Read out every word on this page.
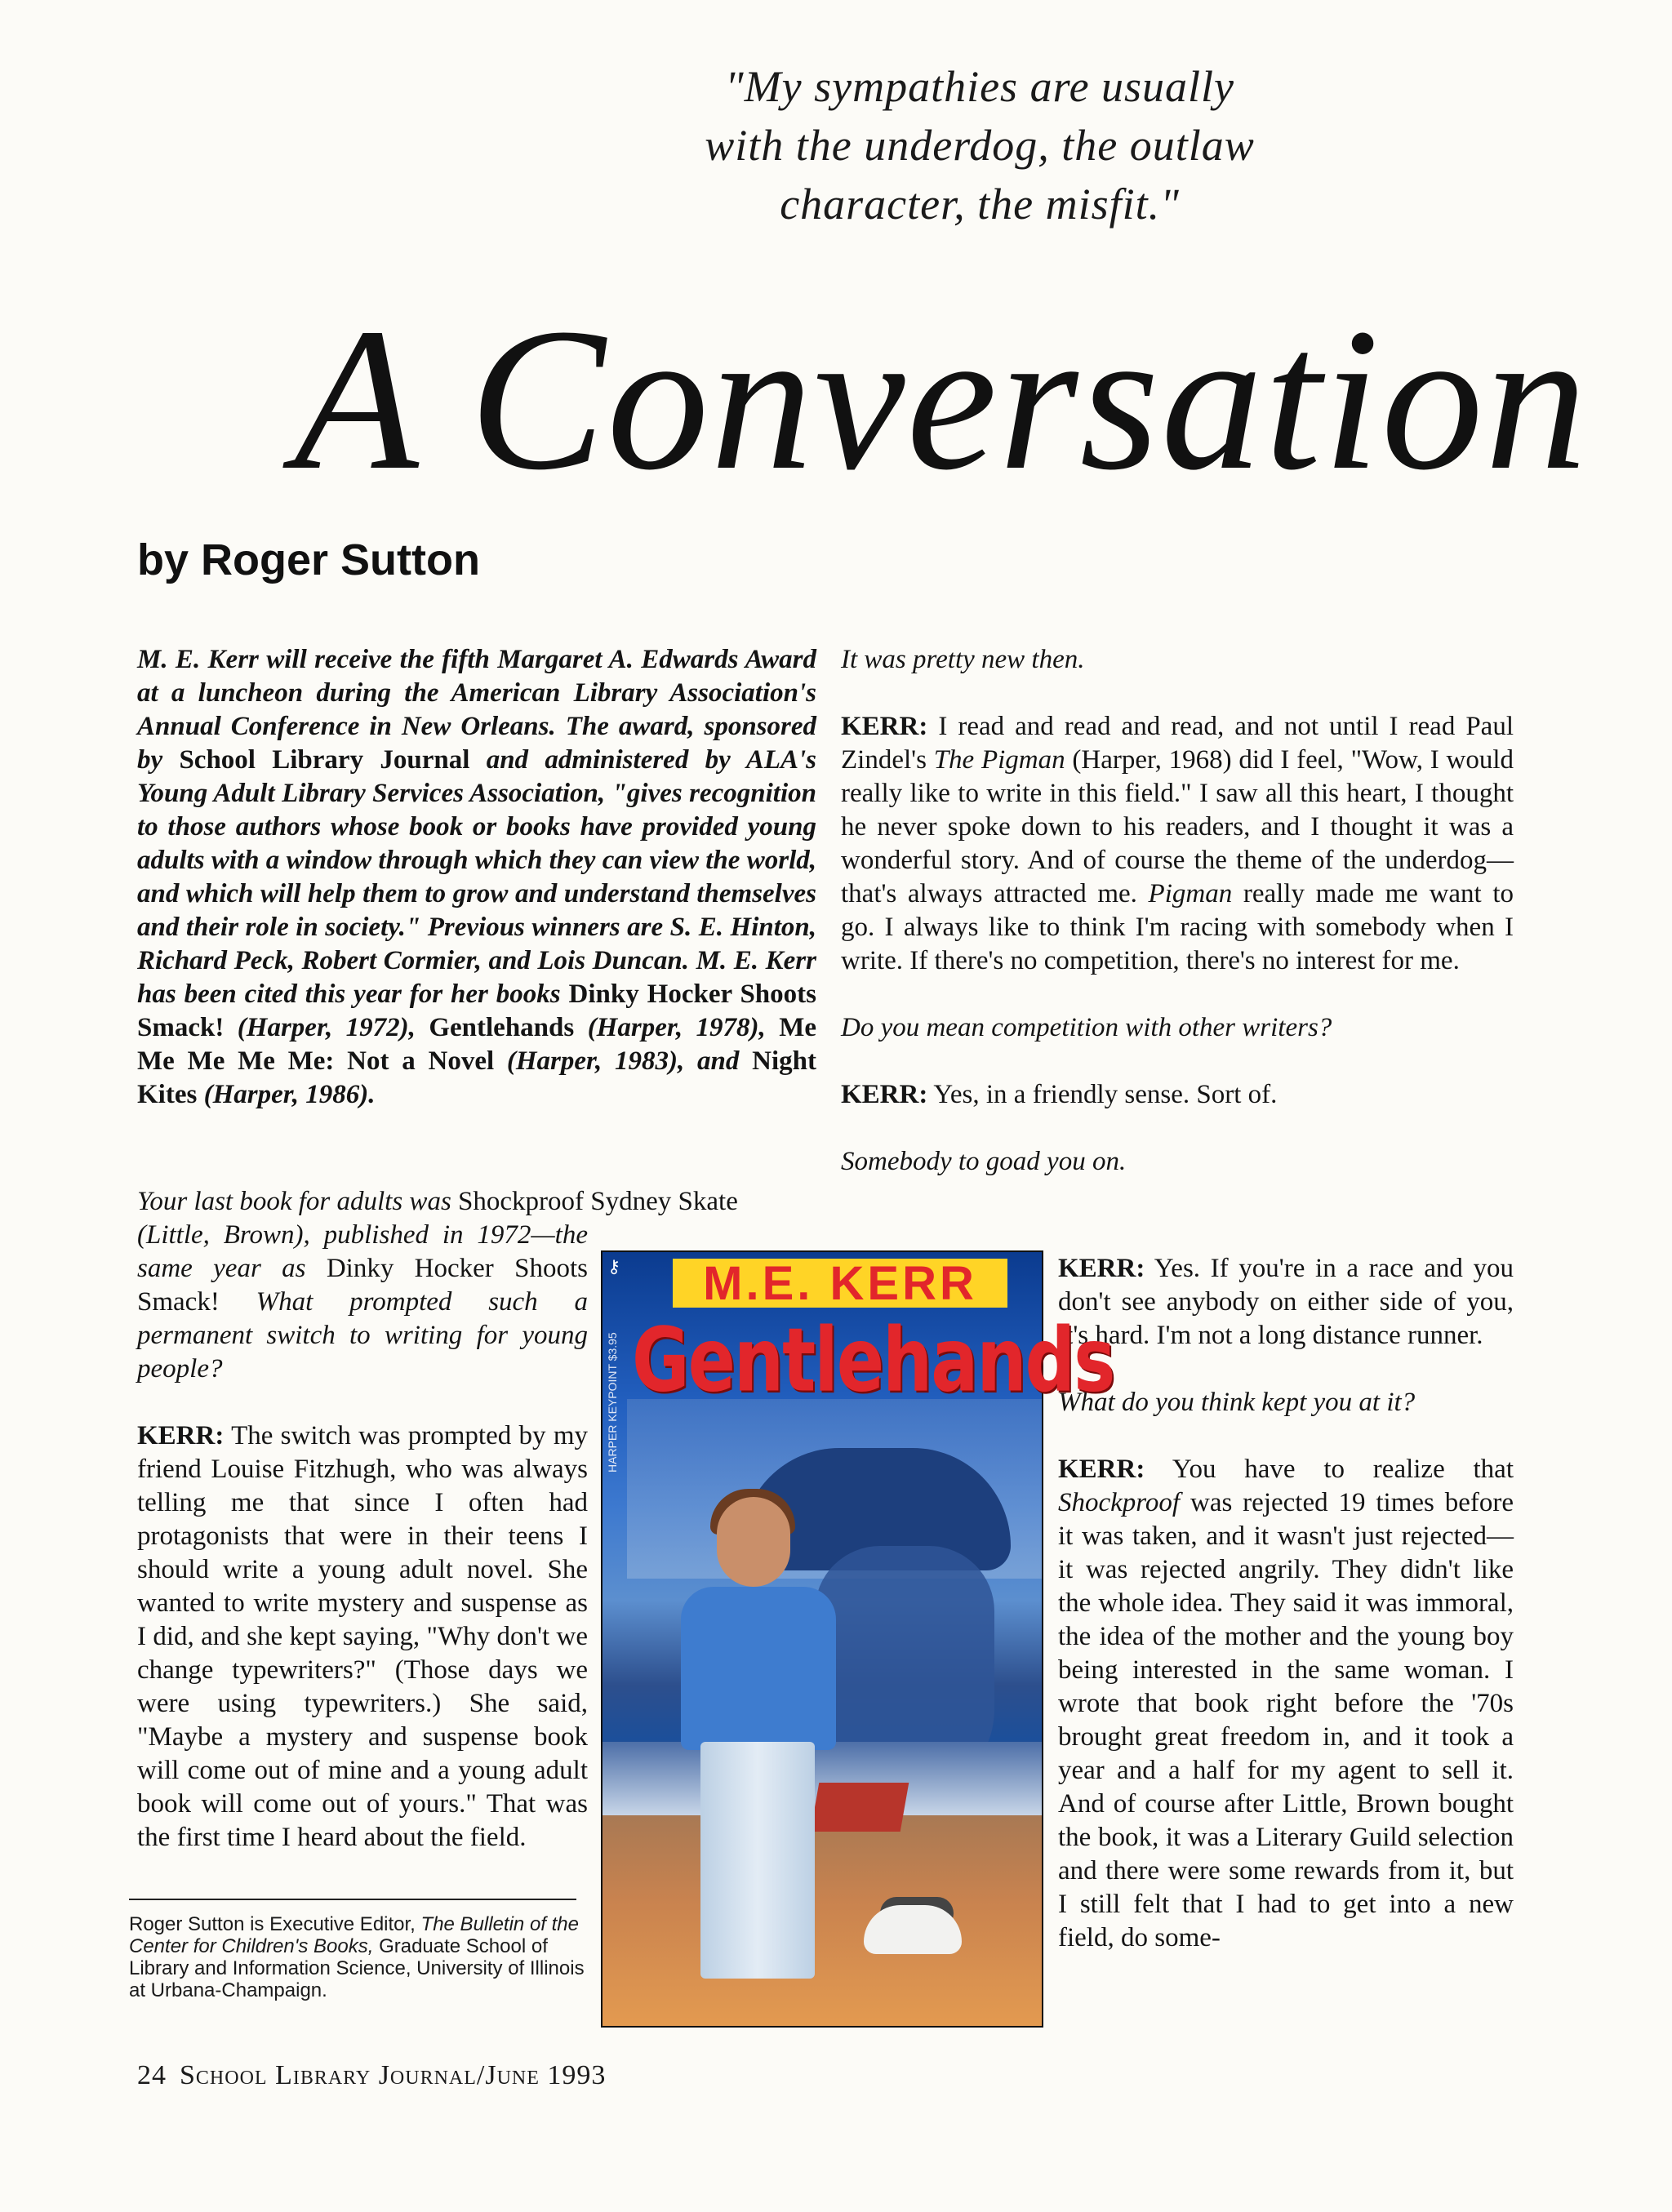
"My sympathies are usually
with the underdog, the outlaw
character, the misfit."
A Conversation
by Roger Sutton

M. E. Kerr will receive the fifth Margaret A. Edwards Award at a luncheon during the American Library Association's Annual Conference in New Orleans. The award, sponsored by School Library Journal and administered by ALA's Young Adult Library Services Association, "gives recognition to those authors whose book or books have provided young adults with a window through which they can view the world, and which will help them to grow and understand themselves and their role in society." Previous winners are S. E. Hinton, Richard Peck, Robert Cormier, and Lois Duncan. M. E. Kerr has been cited this year for her books Dinky Hocker Shoots Smack! (Harper, 1972), Gentlehands (Harper, 1978), Me Me Me Me Me: Not a Novel (Harper, 1983), and Night Kites (Harper, 1986).

Your last book for adults was Shockproof Sydney Skate

(Little, Brown), published in 1972—the same year as Dinky Hocker Shoots Smack! What prompted such a permanent switch to writing for young people?

KERR: The switch was prompted by my friend Louise Fitzhugh, who was always telling me that since I often had protagonists that were in their teens I should write a young adult novel. She wanted to write mystery and suspense as I did, and she kept saying, "Why don't we change typewriters?" (Those days we were using typewriters.) She said, "Maybe a mystery and suspense book will come out of mine and a young adult book will come out of yours." That was the first time I heard about the field.

Roger Sutton is Executive Editor, The Bulletin of the Center for Children's Books, Graduate School of Library and Information Science, University of Illinois at Urbana-Champaign.

It was pretty new then.

KERR: I read and read and read, and not until I read Paul Zindel's The Pigman (Harper, 1968) did I feel, "Wow, I would really like to write in this field." I saw all this heart, I thought he never spoke down to his readers, and I thought it was a wonderful story. And of course the theme of the underdog—that's always attracted me. Pigman really made me want to go. I always like to think I'm racing with somebody when I write. If there's no competition, there's no interest for me.

Do you mean competition with other writers?

KERR: Yes, in a friendly sense. Sort of.

Somebody to goad you on.

KERR: Yes. If you're in a race and you don't see anybody on either side of you, it's hard. I'm not a long distance runner.

What do you think kept you at it?

KERR: You have to realize that Shockproof was rejected 19 times before it was taken, and it wasn't just rejected—it was rejected angrily. They didn't like the whole idea. They said it was immoral, the idea of the mother and the young boy being interested in the same woman. I wrote that book right before the '70s brought great freedom in, and it took a year and a half for my agent to sell it. And of course after Little, Brown bought the book, it was a Literary Guild selection and there were some rewards from it, but I still felt that I had to get into a new field, do some-

⚷
HARPER KEYPOINT $3.95
M.E. KERR
Gentlehands
24 School Library Journal/June 1993
